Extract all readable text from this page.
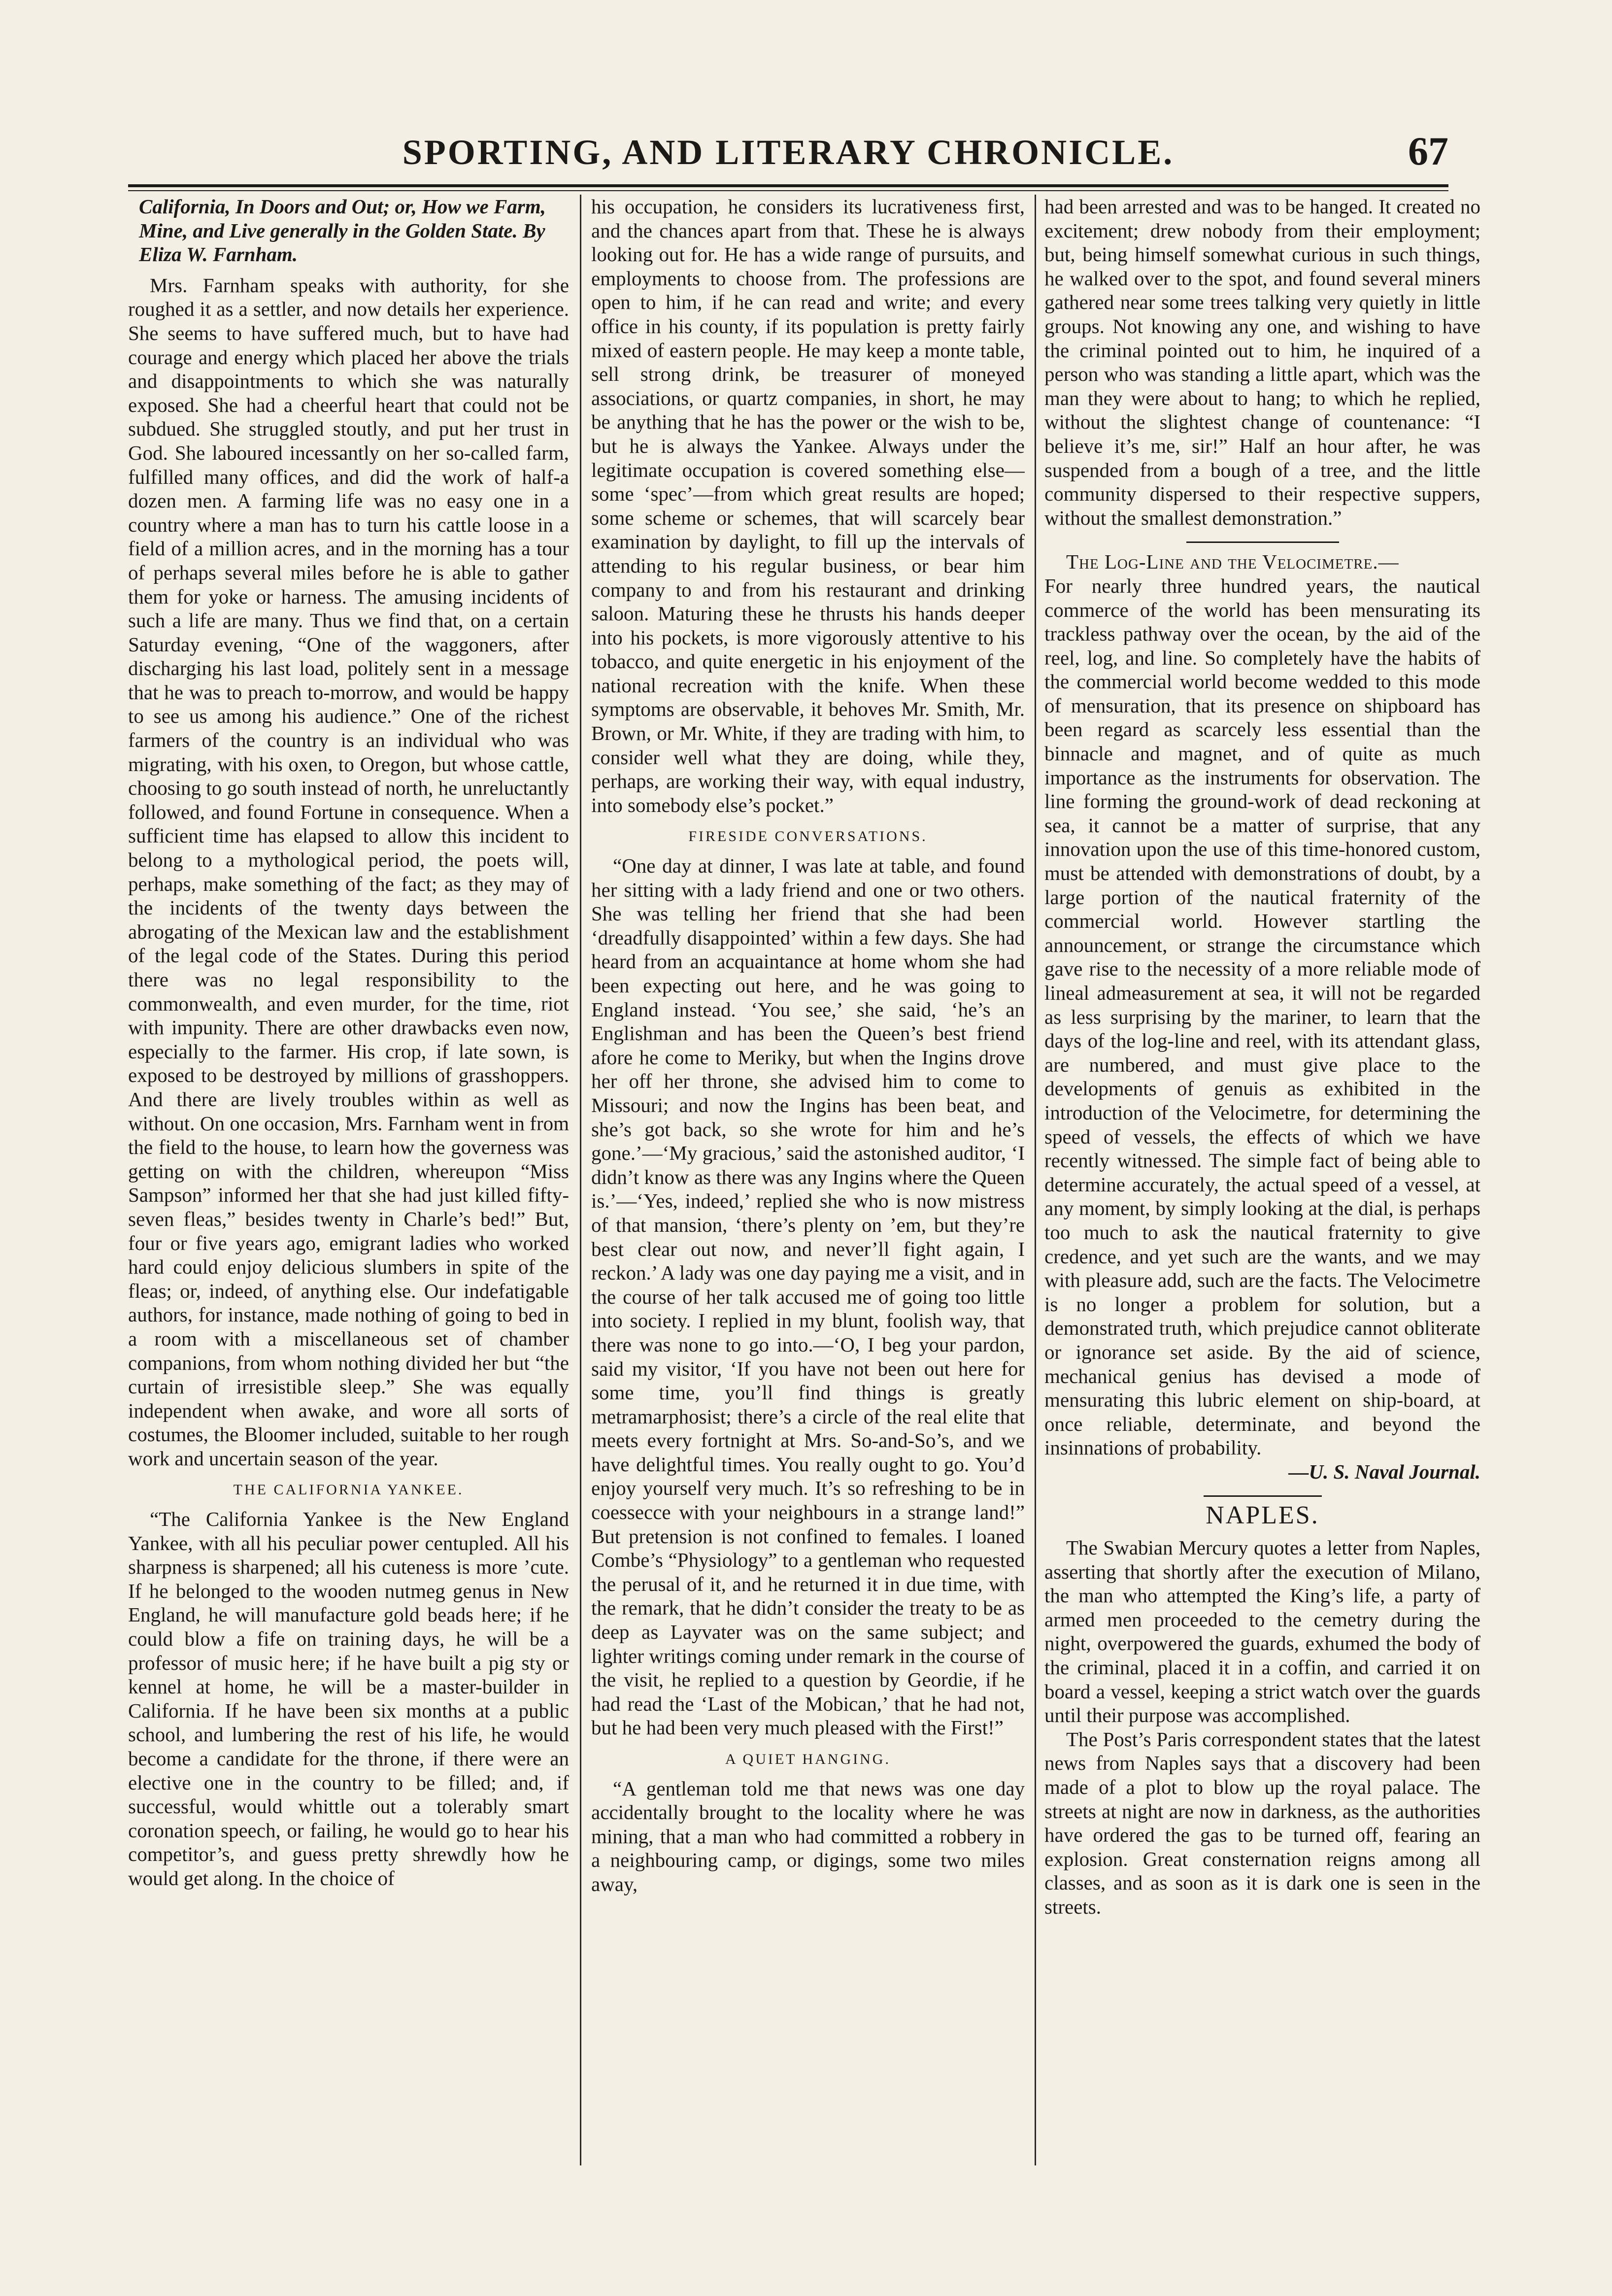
SPORTING, AND LITERARY CHRONICLE.	67

California, In Doors and Out; or, How we Farm, Mine, and Live generally in the Golden State. By Eliza W. Farnham.

Mrs. Farnham speaks with authority, for she roughed it as a settler, and now details her experience. She seems to have suffered much, but to have had courage and energy which placed her above the trials and disappointments to which she was naturally exposed. She had a cheerful heart that could not be subdued. She struggled stoutly, and put her trust in God. She laboured incessantly on her so-called farm, fulfilled many offices, and did the work of half-a dozen men. A farming life was no easy one in a country where a man has to turn his cattle loose in a field of a million acres, and in the morning has a tour of perhaps several miles before he is able to gather them for yoke or harness. The amusing incidents of such a life are many. Thus we find that, on a certain Saturday evening, “One of the waggoners, after discharging his last load, politely sent in a message that he was to preach to-morrow, and would be happy to see us among his audience.” One of the richest farmers of the country is an individual who was migrating, with his oxen, to Oregon, but whose cattle, choosing to go south instead of north, he unreluctantly followed, and found Fortune in consequence. When a sufficient time has elapsed to allow this incident to belong to a mythological period, the poets will, perhaps, make something of the fact; as they may of the incidents of the twenty days between the abrogating of the Mexican law and the establishment of the legal code of the States. During this period there was no legal responsibility to the commonwealth, and even murder, for the time, riot with impunity. There are other drawbacks even now, especially to the farmer. His crop, if late sown, is exposed to be destroyed by millions of grasshoppers. And there are lively troubles within as well as without. On one occasion, Mrs. Farnham went in from the field to the house, to learn how the governess was getting on with the children, whereupon “Miss Sampson” informed her that she had just killed fifty-seven fleas,” besides twenty in Charle’s bed!” But, four or five years ago, emigrant ladies who worked hard could enjoy delicious slumbers in spite of the fleas; or, indeed, of anything else. Our indefatigable authors, for instance, made nothing of going to bed in a room with a miscellaneous set of chamber companions, from whom nothing divided her but “the curtain of irresistible sleep.” She was equally independent when awake, and wore all sorts of costumes, the Bloomer included, suitable to her rough work and uncertain season of the year.

THE CALIFORNIA YANKEE.

“The California Yankee is the New England Yankee, with all his peculiar power centupled. All his sharpness is sharpened; all his cuteness is more ’cute. If he belonged to the wooden nutmeg genus in New England, he will manufacture gold beads here; if he could blow a fife on training days, he will be a professor of music here; if he have built a pig sty or kennel at home, he will be a master-builder in California. If he have been six months at a public school, and lumbering the rest of his life, he would become a candidate for the throne, if there were an elective one in the country to be filled; and, if successful, would whittle out a tolerably smart coronation speech, or failing, he would go to hear his competitor’s, and guess pretty shrewdly how he would get along. In the choice of

his occupation, he considers its lucrativeness first, and the chances apart from that. These he is always looking out for. He has a wide range of pursuits, and employments to choose from. The professions are open to him, if he can read and write; and every office in his county, if its population is pretty fairly mixed of eastern people. He may keep a monte table, sell strong drink, be treasurer of moneyed associations, or quartz companies, in short, he may be anything that he has the power or the wish to be, but he is always the Yankee. Always under the legitimate occupation is covered something else—some ‘spec’—from which great results are hoped; some scheme or schemes, that will scarcely bear examination by daylight, to fill up the intervals of attending to his regular business, or bear him company to and from his restaurant and drinking saloon. Maturing these he thrusts his hands deeper into his pockets, is more vigorously attentive to his tobacco, and quite energetic in his enjoyment of the national recreation with the knife. When these symptoms are observable, it behoves Mr. Smith, Mr. Brown, or Mr. White, if they are trading with him, to consider well what they are doing, while they, perhaps, are working their way, with equal industry, into somebody else’s pocket.”

FIRESIDE CONVERSATIONS.

“One day at dinner, I was late at table, and found her sitting with a lady friend and one or two others. She was telling her friend that she had been ‘dreadfully disappointed’ within a few days. She had heard from an acquaintance at home whom she had been expecting out here, and he was going to England instead. ‘You see,’ she said, ‘he’s an Englishman and has been the Queen’s best friend afore he come to Meriky, but when the Ingins drove her off her throne, she advised him to come to Missouri; and now the Ingins has been beat, and she’s got back, so she wrote for him and he’s gone.’—‘My gracious,’ said the astonished auditor, ‘I didn’t know as there was any Ingins where the Queen is.’—‘Yes, indeed,’ replied she who is now mistress of that mansion, ‘there’s plenty on ’em, but they’re best clear out now, and never’ll fight again, I reckon.’ A lady was one day paying me a visit, and in the course of her talk accused me of going too little into society. I replied in my blunt, foolish way, that there was none to go into.—‘O, I beg your pardon, said my visitor, ‘If you have not been out here for some time, you’ll find things is greatly metramarphosist; there’s a circle of the real elite that meets every fortnight at Mrs. So-and-So’s, and we have delightful times. You really ought to go. You’d enjoy yourself very much. It’s so refreshing to be in coessecce with your neighbours in a strange land!” But pretension is not confined to females. I loaned Combe’s “Physiology” to a gentleman who requested the perusal of it, and he returned it in due time, with the remark, that he didn’t consider the treaty to be as deep as Layvater was on the same subject; and lighter writings coming under remark in the course of the visit, he replied to a question by Geordie, if he had read the ‘Last of the Mobican,’ that he had not, but he had been very much pleased with the First!”

A QUIET HANGING.

“A gentleman told me that news was one day accidentally brought to the locality where he was mining, that a man who had committed a robbery in a neighbouring camp, or digings, some two miles away,

had been arrested and was to be hanged. It created no excitement; drew nobody from their employment; but, being himself somewhat curious in such things, he walked over to the spot, and found several miners gathered near some trees talking very quietly in little groups. Not knowing any one, and wishing to have the criminal pointed out to him, he inquired of a person who was standing a little apart, which was the man they were about to hang; to which he replied, without the slightest change of countenance: “I believe it’s me, sir!” Half an hour after, he was suspended from a bough of a tree, and the little community dispersed to their respective suppers, without the smallest demonstration.”

The Log-Line and the Velocimetre.—

For nearly three hundred years, the nautical commerce of the world has been mensurating its trackless pathway over the ocean, by the aid of the reel, log, and line. So completely have the habits of the commercial world become wedded to this mode of mensuration, that its presence on shipboard has been regard as scarcely less essential than the binnacle and magnet, and of quite as much importance as the instruments for observation. The line forming the ground-work of dead reckoning at sea, it cannot be a matter of surprise, that any innovation upon the use of this time-honored custom, must be attended with demonstrations of doubt, by a large portion of the nautical fraternity of the commercial world. However startling the announcement, or strange the circumstance which gave rise to the necessity of a more reliable mode of lineal admeasurement at sea, it will not be regarded as less surprising by the mariner, to learn that the days of the log-line and reel, with its attendant glass, are numbered, and must give place to the developments of genuis as exhibited in the introduction of the Velocimetre, for determining the speed of vessels, the effects of which we have recently witnessed. The simple fact of being able to determine accurately, the actual speed of a vessel, at any moment, by simply looking at the dial, is perhaps too much to ask the nautical fraternity to give credence, and yet such are the wants, and we may with pleasure add, such are the facts. The Velocimetre is no longer a problem for solution, but a demonstrated truth, which prejudice cannot obliterate or ignorance set aside. By the aid of science, mechanical genius has devised a mode of mensurating this lubric element on ship-board, at once reliable, determinate, and beyond the insinnations of probability.

—U. S. Naval Journal.

NAPLES.

The Swabian Mercury quotes a letter from Naples, asserting that shortly after the execution of Milano, the man who attempted the King’s life, a party of armed men proceeded to the cemetry during the night, overpowered the guards, exhumed the body of the criminal, placed it in a coffin, and carried it on board a vessel, keeping a strict watch over the guards until their purpose was accomplished.

The Post’s Paris correspondent states that the latest news from Naples says that a discovery had been made of a plot to blow up the royal palace. The streets at night are now in darkness, as the authorities have ordered the gas to be turned off, fearing an explosion. Great consternation reigns among all classes, and as soon as it is dark one is seen in the streets.
